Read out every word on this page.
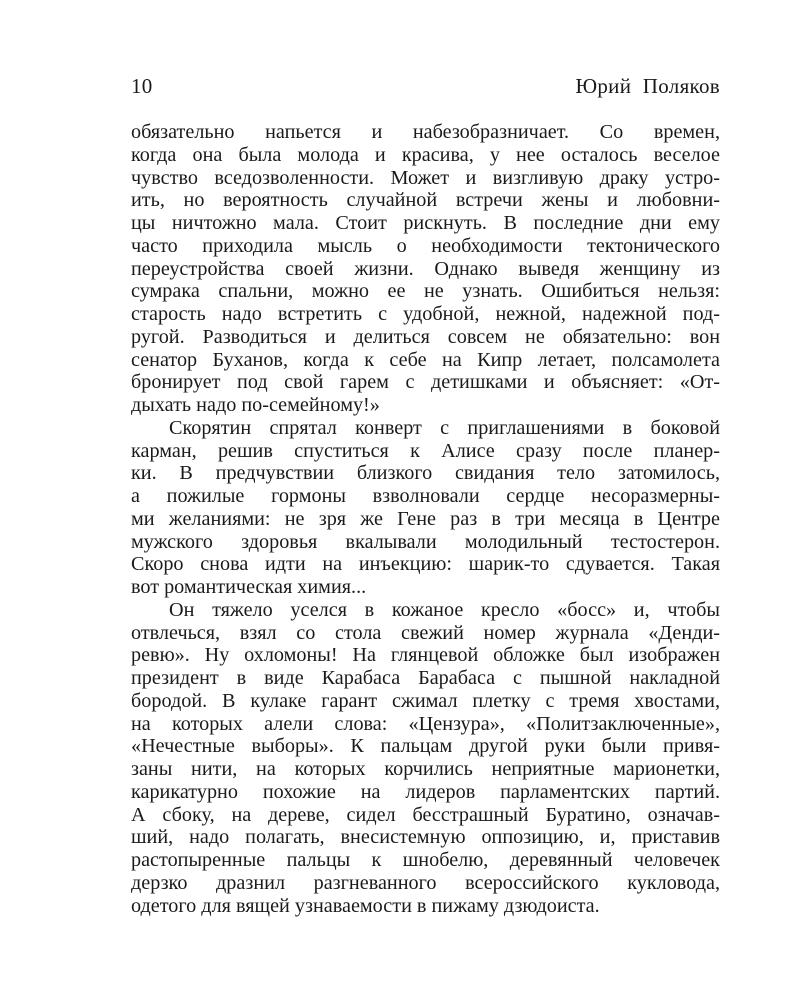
10	Юрий Поляков
обязательно напьется и набезобразничает. Со времен,
когда она была молода и красива, у нее осталось веселое
чувство вседозволенности. Может и визгливую драку устро-
ить, но вероятность случайной встречи жены и любовни-
цы ничтожно мала. Стоит рискнуть. В последние дни ему
часто приходила мысль о необходимости тектонического
переустройства своей жизни. Однако выведя женщину из
сумрака спальни, можно ее не узнать. Ошибиться нельзя:
старость надо встретить с удобной, нежной, надежной под-
ругой. Разводиться и делиться совсем не обязательно: вон
сенатор Буханов, когда к себе на Кипр летает, полсамолета
бронирует под свой гарем с детишками и объясняет: «От-
дыхать надо по-семейному!»
Скорятин спрятал конверт с приглашениями в боковой
карман, решив спуститься к Алисе сразу после планер-
ки. В предчувствии близкого свидания тело затомилось,
а пожилые гормоны взволновали сердце несоразмерны-
ми желаниями: не зря же Гене раз в три месяца в Центре
мужского здоровья вкалывали молодильный тестостерон.
Скоро снова идти на инъекцию: шарик-то сдувается. Такая
вот романтическая химия...
Он тяжело уселся в кожаное кресло «босс» и, чтобы
отвлечься, взял со стола свежий номер журнала «Денди-
ревю». Ну охломоны! На глянцевой обложке был изображен
президент в виде Карабаса Барабаса с пышной накладной
бородой. В кулаке гарант сжимал плетку с тремя хвостами,
на которых алели слова: «Цензура», «Политзаключенные»,
«Нечестные выборы». К пальцам другой руки были привя-
заны нити, на которых корчились неприятные марионетки,
карикатурно похожие на лидеров парламентских партий.
А сбоку, на дереве, сидел бесстрашный Буратино, означав-
ший, надо полагать, внесистемную оппозицию, и, приставив
растопыренные пальцы к шнобелю, деревянный человечек
дерзко дразнил разгневанного всероссийского кукловода,
одетого для вящей узнаваемости в пижаму дзюдоиста.
